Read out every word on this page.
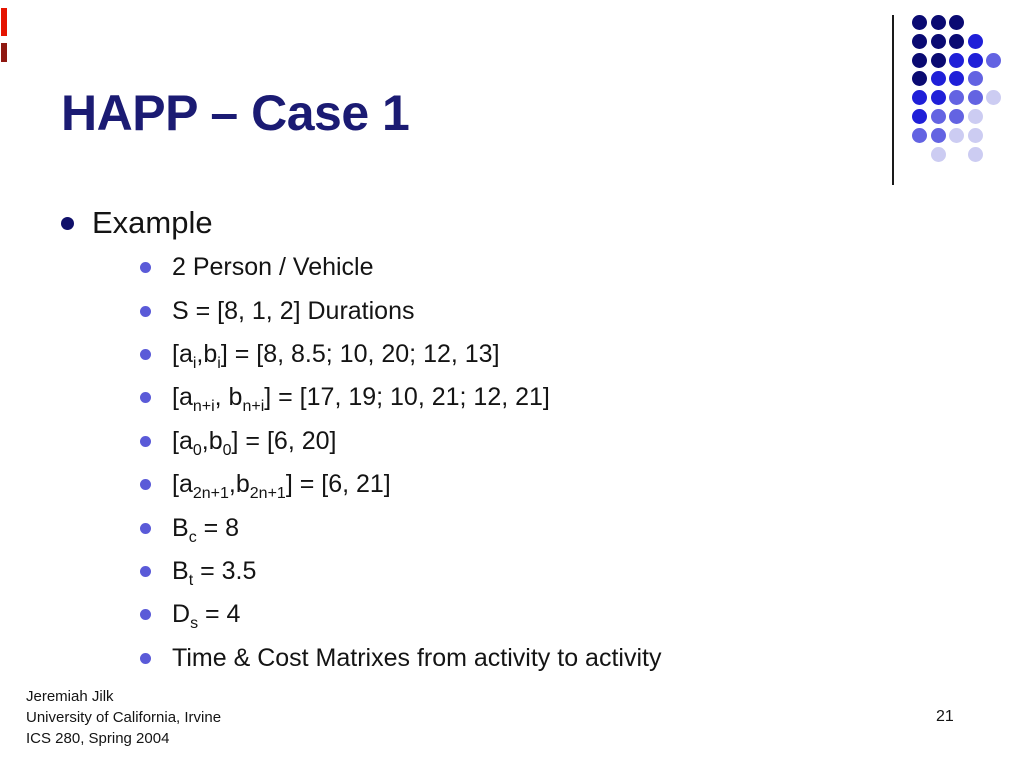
HAPP – Case 1
Example
2 Person / Vehicle
S = [8, 1, 2] Durations
$[a_i,b_i] = [8$, 8.5; 10, 20; 12, 13]
[$a_{n+i}$, $b_{n+i}] = [17$, 19; 10, 21; 12, 21]
$[a_0,b_0] = [6$, 20]
$[a_{2n+1},b_{2n+1}] = [6$, 21]
$B_c = 8$
$B_t = 3.5$
$D_s = 4$
Time & Cost Matrixes from activity to activity
Jeremiah Jilk
University of California, Irvine
ICS 280, Spring 2004
21
